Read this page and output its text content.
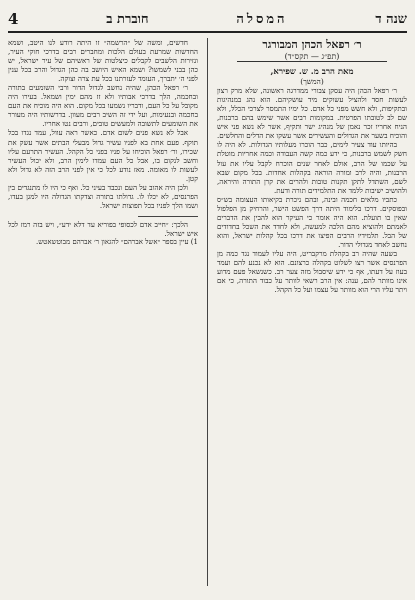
4	חוברת ב	המסלה	שנה ד

חדשים, ומשה של ״הרשמה״ זו היתה רודע לנו היטב, ושמא החדשות שמרעת בעולם הלכות ומחברים רבים בדרכי חוקי העיר, ונזירות הלשבים לקבלים כיצלטות של ראשיהם של עיר ישראל, יש כהן בבני לשמשו? ושמא האיש היושב בה כהן הגדול והרב בכל ענין לפני ה׳ יתברך, העומד לעזרתנו בכל עת צרה וצוקה.

ר׳ רפאל הכהן, שהיה נחשב לגדול הדור ורבי השומעים בתורה ובחכמה, הלך בדרכי אבותיו ולא זז מהם ימין ושמאל. בעירו היה מקובל על כל העם, ודבריו נשמעו בכל מקום. הוא היה מוכיח את העם בחכמה ובנעימות, ועל ידי זה השיב רבים מעוון. בדרשותיו היה מעורר את השומעים לתשובה ולמעשים טובים, ורבים נטו אחריו.

אבל לא נשא פנים לשום אדם. כאשר ראה עוול, עמד נגדו בכל תוקף. פעם אחת בא לפניו עשיר גדול מבעלי הבתים אשר עשק את שכירו, ור׳ רפאל הוכיחו על פניו בפני כל הקהל. העשיר התרעם עליו וחשב לנקום בו, אבל כל העם עמדו לימין הרב, ולא יכול העשיר לעשות לו מאומה. מאז נודע לכל כי אין לפני הרב הזה לא גדול ולא קטן.

ולכן היה אהוב על העם ונכבד בעיני כל. ואף כי היו לו מתנגדים בין הפרנסים, לא יכלו לו. גדולתו בתורה וצדקתו הגדולה היו למגן בעדו, ושמו הלך לפניו בכל תפוצות ישראל.

הלכך: ״חייב אדם לכסופי בפוריא עד דלא ידע״, ויש בזה רמז לכל איש ישראל.

1) עיין בספר ״אשל אברהם״ להגאון ר׳ אברהם מבוטשאטש.

ר׳ רפאל הכהן המבורגר

(תפ״ג — תקס״ד)

מאת הרב מ. ש. שפירא,

(המשך)

ר׳ רפאל הכהן היה עסקן צבורי ממדרגה ראשונה, שלא מרק רצון לעשות חסד ולהציל עשוקים מיד עושקיהם. הוא נהג במנהיגות ובתקיפות, ולא חשש מפני כל אדם. כל ימיו התמסר לצרכי הכלל, ולא שם לב לטובתו הפרטית. במקומות רבים אשר שימש בהם ברבנות, הניח אחריו זכר נאמן של מנהיג ישר ותקיף, אשר לא נשא פני איש והוכיח בשער את הגדולים והעשירים אשר עשקו את הדלים והחלשים.

בהיותו עוד צעיר לימים, כבר הוכרו מעלותיו הגדולות. לא היה לו חשק לשמש ברבנות, כי ידע כמה קשה העבודה וכמה אחריות מוטלת על שכמו של הרב, אולם לאחר שנים הוכרח לקבל עליו את עול הרבנות, והיה לרב ומורה הוראה בקהלות אחדות. בכל מקום שבא לשם, השתדל לתקן תקנות טובות ולהרים את קרן התורה והיראה, ולהושיב ישיבות ללמד את התלמידים תורה ודעת.

כתביו מלאים חכמה ובינה, ובהם ניכרת בקיאותו העצומה בש״ס ובפוסקים. דרכו בלימוד היתה דרך הפשט הישר, והרחיק מן הפלפול שאין בו תועלת. הוא היה אומר כי העיקר הוא להבין את הדברים לאמתם ולהוציא מהם הלכה למעשה, ולא לחדד את השכל בחדודים של הבל. תלמידיו הרבים הפיצו את דרכו בכל קהלות ישראל, והוא נחשב לאחד מגדולי הדור.

בשעה שהיה רב בקהלת מרקבריט, היה עליו לעמוד נגד כמה מן הפרנסים אשר רצו לשלוט בקהלה כרצונם. הוא לא נכנע להם ועמד בעוז על דעתו, אף כי ידע שיסבול מזה צער רב. כשנשאל פעם מדוע אינו מוותר להם, ענה: אין הרב רשאי לוותר על כבוד התורה, כי אם ויתר עליו הרי הוא מוותר על עצמו ועל כל הקהל.
